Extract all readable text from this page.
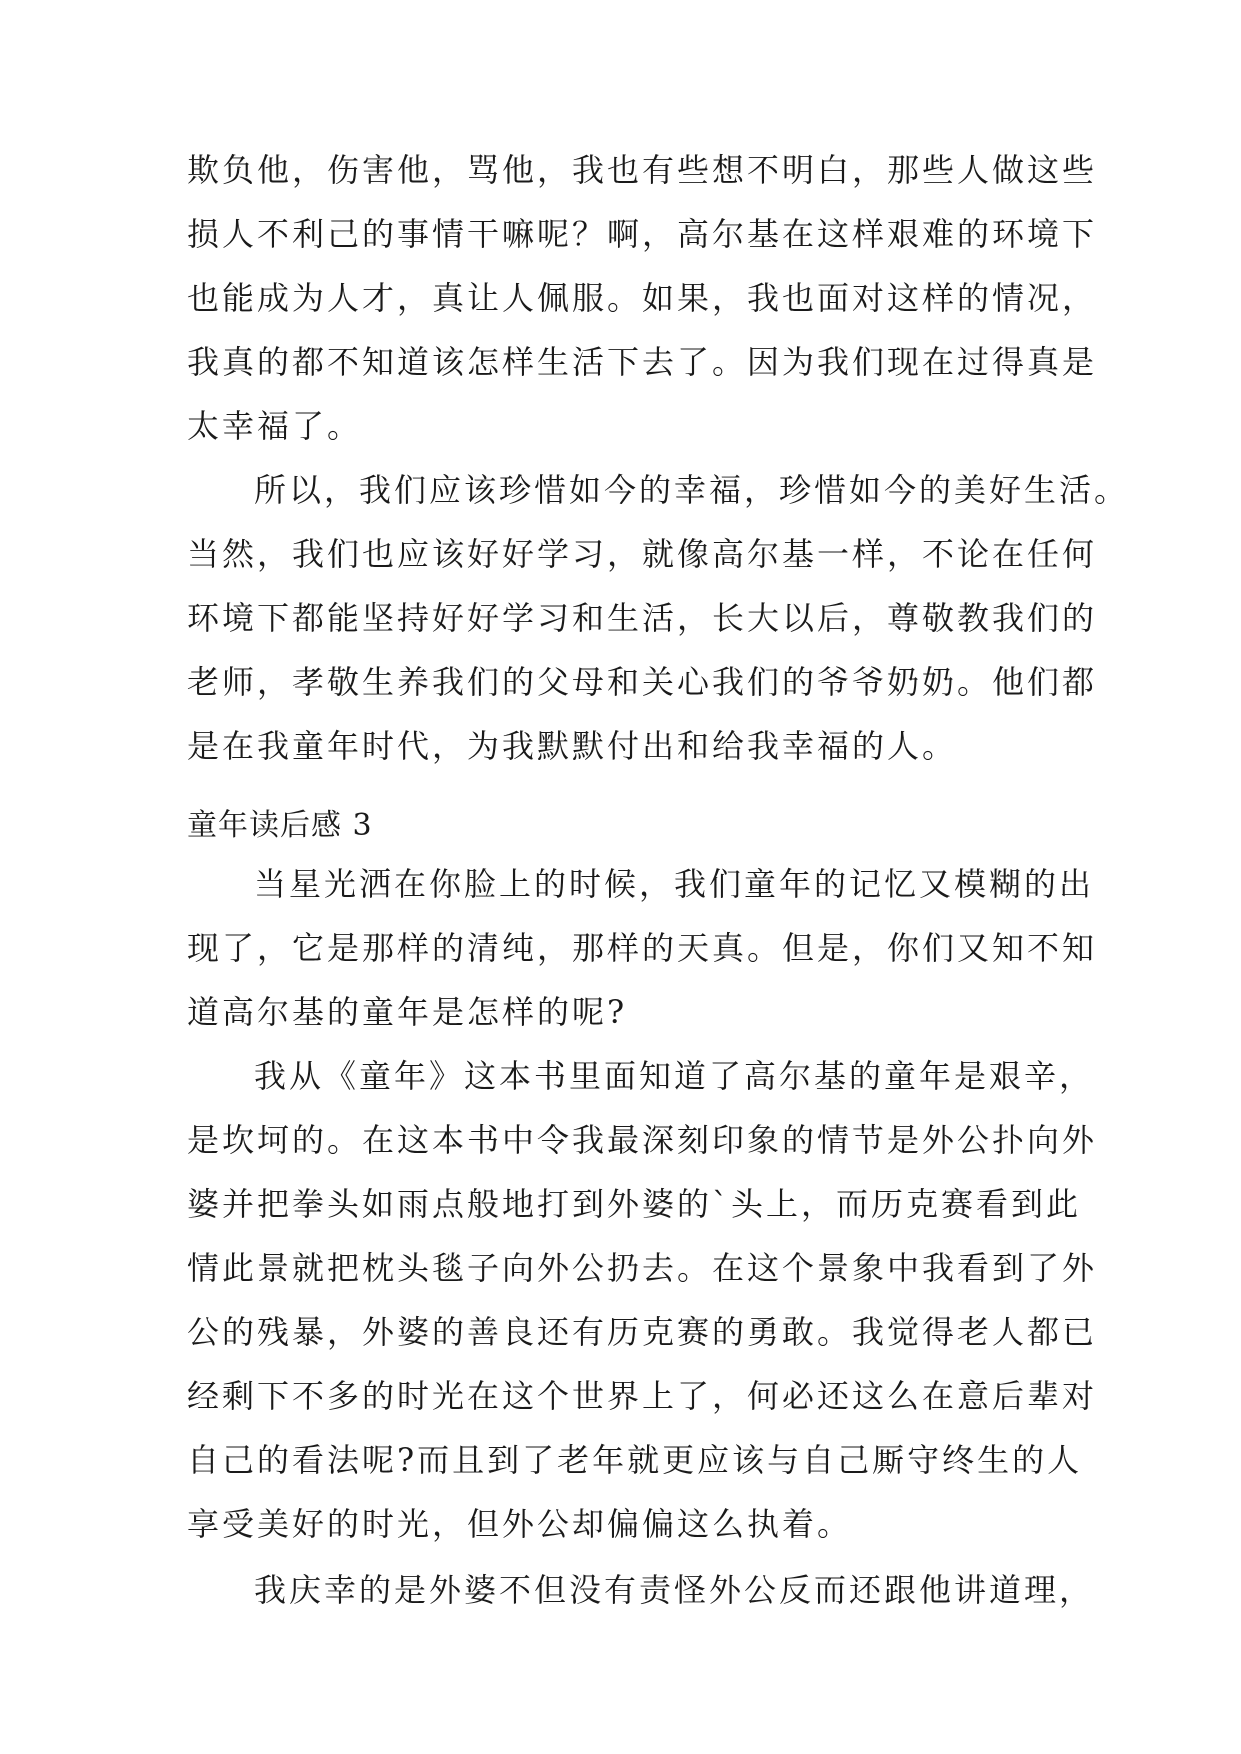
欺负他，伤害他，骂他，我也有些想不明白，那些人做这些
损人不利己的事情干嘛呢？啊，高尔基在这样艰难的环境下
也能成为人才，真让人佩服。如果，我也面对这样的情况，
我真的都不知道该怎样生活下去了。因为我们现在过得真是
太幸福了。
所以，我们应该珍惜如今的幸福，珍惜如今的美好生活。
当然，我们也应该好好学习，就像高尔基一样，不论在任何
环境下都能坚持好好学习和生活，长大以后，尊敬教我们的
老师，孝敬生养我们的父母和关心我们的爷爷奶奶。他们都
是在我童年时代，为我默默付出和给我幸福的人。
童年读后感 3
当星光洒在你脸上的时候，我们童年的记忆又模糊的出
现了，它是那样的清纯，那样的天真。但是，你们又知不知
道高尔基的童年是怎样的呢?
我从《童年》这本书里面知道了高尔基的童年是艰辛，
是坎坷的。在这本书中令我最深刻印象的情节是外公扑向外
婆并把拳头如雨点般地打到外婆的`头上，而历克赛看到此
情此景就把枕头毯子向外公扔去。在这个景象中我看到了外
公的残暴，外婆的善良还有历克赛的勇敢。我觉得老人都已
经剩下不多的时光在这个世界上了，何必还这么在意后辈对
自己的看法呢?而且到了老年就更应该与自己厮守终生的人
享受美好的时光，但外公却偏偏这么执着。
我庆幸的是外婆不但没有责怪外公反而还跟他讲道理，
